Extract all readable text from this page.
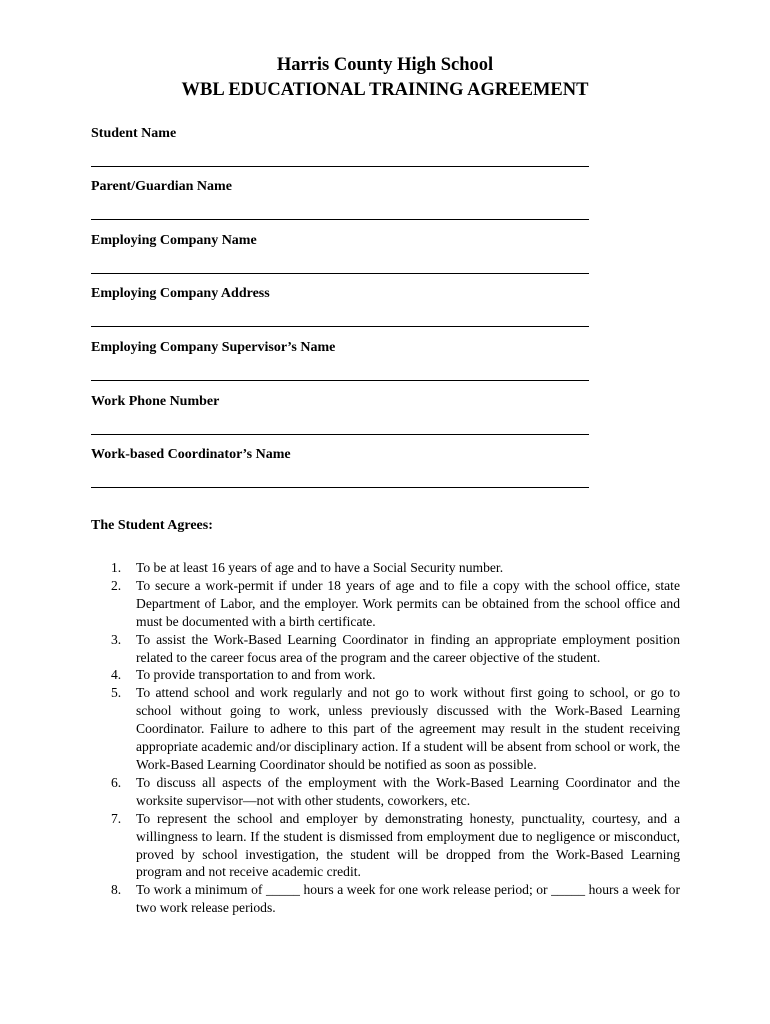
Harris County High School
WBL EDUCATIONAL TRAINING AGREEMENT
Student Name
Parent/Guardian Name
Employing Company Name
Employing Company Address
Employing Company Supervisor’s Name
Work Phone Number
Work-based Coordinator’s Name
The Student Agrees:
1. To be at least 16 years of age and to have a Social Security number.
2. To secure a work-permit if under 18 years of age and to file a copy with the school office, state Department of Labor, and the employer. Work permits can be obtained from the school office and must be documented with a birth certificate.
3. To assist the Work-Based Learning Coordinator in finding an appropriate employment position related to the career focus area of the program and the career objective of the student.
4. To provide transportation to and from work.
5. To attend school and work regularly and not go to work without first going to school, or go to school without going to work, unless previously discussed with the Work-Based Learning Coordinator. Failure to adhere to this part of the agreement may result in the student receiving appropriate academic and/or disciplinary action. If a student will be absent from school or work, the Work-Based Learning Coordinator should be notified as soon as possible.
6. To discuss all aspects of the employment with the Work-Based Learning Coordinator and the worksite supervisor—not with other students, coworkers, etc.
7. To represent the school and employer by demonstrating honesty, punctuality, courtesy, and a willingness to learn. If the student is dismissed from employment due to negligence or misconduct, proved by school investigation, the student will be dropped from the Work-Based Learning program and not receive academic credit.
8. To work a minimum of _____ hours a week for one work release period; or _____ hours a week for two work release periods.
